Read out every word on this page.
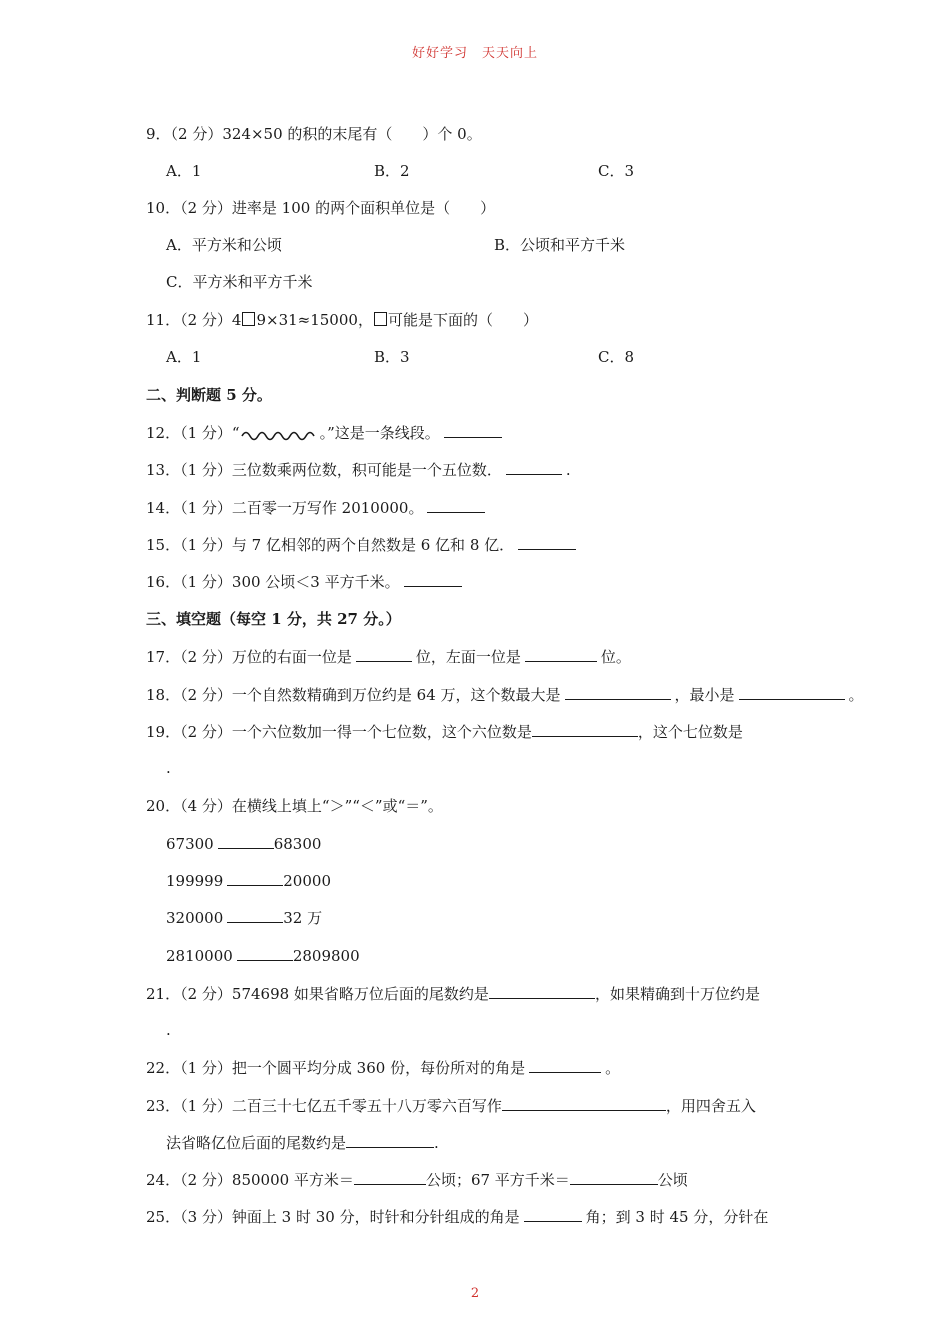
好好学习　天天向上
9．（2 分）324×50 的积的末尾有（　　）个 0。
A．1	B．2	C．3
10．（2 分）进率是 100 的两个面积单位是（　　）
A．平方米和公顷	B．公顷和平方千米
C．平方米和平方千米
11．（2 分）4 9×31≈15000， 可能是下面的（　　）
A．1	B．3	C．8
二、判断题 5 分。
12．（1 分）“	。”这是一条线段。
13．（1 分）三位数乘两位数，积可能是一个五位数．	.
14．（1 分）二百零一万写作 2010000。
15．（1 分）与 7 亿相邻的两个自然数是 6 亿和 8 亿．
16．（1 分）300 公顷＜3 平方千米。
三、填空题（每空 1 分，共 27 分。）
17．（2 分）万位的右面一位是	位，左面一位是	位。
18．（2 分）一个自然数精确到万位约是 64 万，这个数最大是	，最小是	。
19．（2 分）一个六位数加一得一个七位数，这个六位数是	，这个七位数是
.
20．（4 分）在横线上填上“＞”“＜”或“＝”。
67300	68300
199999	20000
320000	32 万
2810000	2809800
21．（2 分）574698 如果省略万位后面的尾数约是	，如果精确到十万位约是
.
22．（1 分）把一个圆平均分成 360 份，每份所对的角是	。
23．（1 分）二百三十七亿五千零五十八万零六百写作	，用四舍五入
法省略亿位后面的尾数约是	.
24．（2 分）850000 平方米＝	公顷；67 平方千米＝	公顷
25．（3 分）钟面上 3 时 30 分，时针和分针组成的角是	角；到 3 时 45 分，分针在
2
